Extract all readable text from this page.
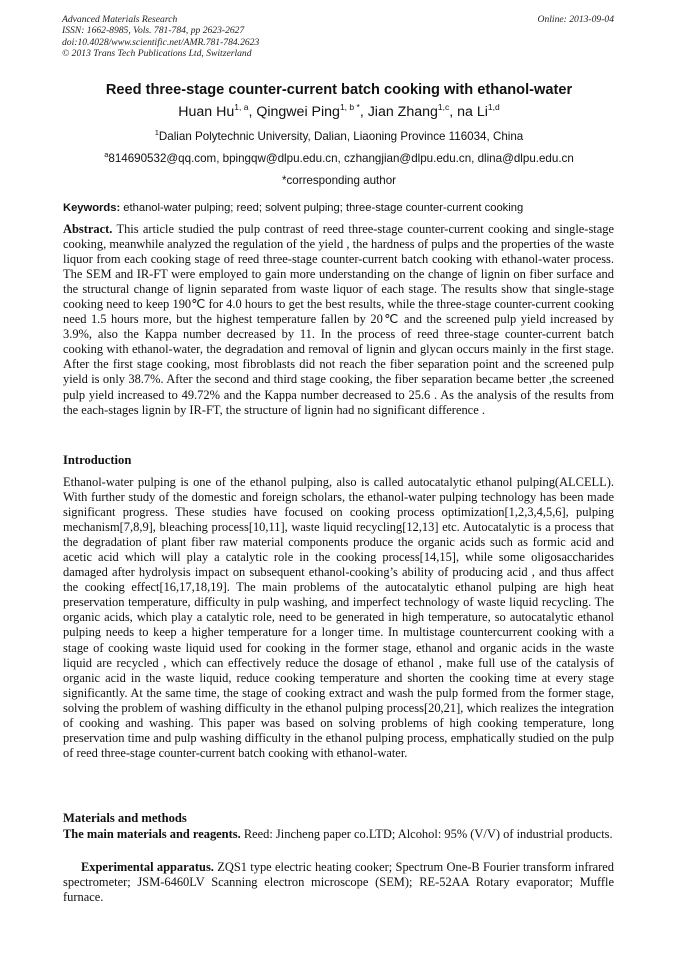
Advanced Materials Research
ISSN: 1662-8985, Vols. 781-784, pp 2623-2627
doi:10.4028/www.scientific.net/AMR.781-784.2623
© 2013 Trans Tech Publications Ltd, Switzerland
Online: 2013-09-04
Reed three-stage counter-current batch cooking with ethanol-water
Huan Hu$^{1, a}$, Qingwei Ping$^{1, b *}$, Jian Zhang$^{1,c}$, na Li$^{1,d}$
$^1$Dalian Polytechnic University, Dalian, Liaoning Province 116034, China
$^a$814690532@qq.com, bpingqw@dlpu.edu.cn, czhangjian@dlpu.edu.cn, dlina@dlpu.edu.cn
*corresponding author
Keywords: ethanol-water pulping; reed; solvent pulping; three-stage counter-current cooking
Abstract. This article studied the pulp contrast of reed three-stage counter-current cooking and single-stage cooking, meanwhile analyzed the regulation of the yield , the hardness of pulps and the properties of the waste liquor from each cooking stage of reed three-stage counter-current batch cooking with ethanol-water process. The SEM and IR-FT were employed to gain more understanding on the change of lignin on fiber surface and the structural change of lignin separated from waste liquor of each stage. The results show that single-stage cooking need to keep 190℃ for 4.0 hours to get the best results, while the three-stage counter-current cooking need 1.5 hours more, but the highest temperature fallen by 20℃ and the screened pulp yield increased by 3.9%, also the Kappa number decreased by 11. In the process of reed three-stage counter-current batch cooking with ethanol-water, the degradation and removal of lignin and glycan occurs mainly in the first stage. After the first stage cooking, most fibroblasts did not reach the fiber separation point and the screened pulp yield is only 38.7%. After the second and third stage cooking, the fiber separation became better ,the screened pulp yield increased to 49.72% and the Kappa number decreased to 25.6 . As the analysis of the results from the each-stages lignin by IR-FT, the structure of lignin had no significant difference .
Introduction
Ethanol-water pulping is one of the ethanol pulping, also is called autocatalytic ethanol pulping(ALCELL). With further study of the domestic and foreign scholars, the ethanol-water pulping technology has been made significant progress. These studies have focused on cooking process optimization[1,2,3,4,5,6], pulping mechanism[7,8,9], bleaching process[10,11], waste liquid recycling[12,13] etc. Autocatalytic is a process that the degradation of plant fiber raw material components produce the organic acids such as formic acid and acetic acid which will play a catalytic role in the cooking process[14,15], while some oligosaccharides damaged after hydrolysis impact on subsequent ethanol-cooking’s ability of producing acid , and thus affect the cooking effect[16,17,18,19]. The main problems of the autocatalytic ethanol pulping are high heat preservation temperature, difficulty in pulp washing, and imperfect technology of waste liquid recycling. The organic acids, which play a catalytic role, need to be generated in high temperature, so autocatalytic ethanol pulping needs to keep a higher temperature for a longer time. In multistage countercurrent cooking with a stage of cooking waste liquid used for cooking in the former stage, ethanol and organic acids in the waste liquid are recycled , which can effectively reduce the dosage of ethanol , make full use of the catalysis of organic acid in the waste liquid, reduce cooking temperature and shorten the cooking time at every stage significantly. At the same time, the stage of cooking extract and wash the pulp formed from the former stage, solving the problem of washing difficulty in the ethanol pulping process[20,21], which realizes the integration of cooking and washing. This paper was based on solving problems of high cooking temperature, long preservation time and pulp washing difficulty in the ethanol pulping process, emphatically studied on the pulp of reed three-stage counter-current batch cooking with ethanol-water.
Materials and methods
The main materials and reagents. Reed: Jincheng paper co.LTD; Alcohol: 95% (V/V) of industrial products.
Experimental apparatus. ZQS1 type electric heating cooker; Spectrum One-B Fourier transform infrared spectrometer; JSM-6460LV Scanning electron microscope (SEM); RE-52AA Rotary evaporator; Muffle furnace.
